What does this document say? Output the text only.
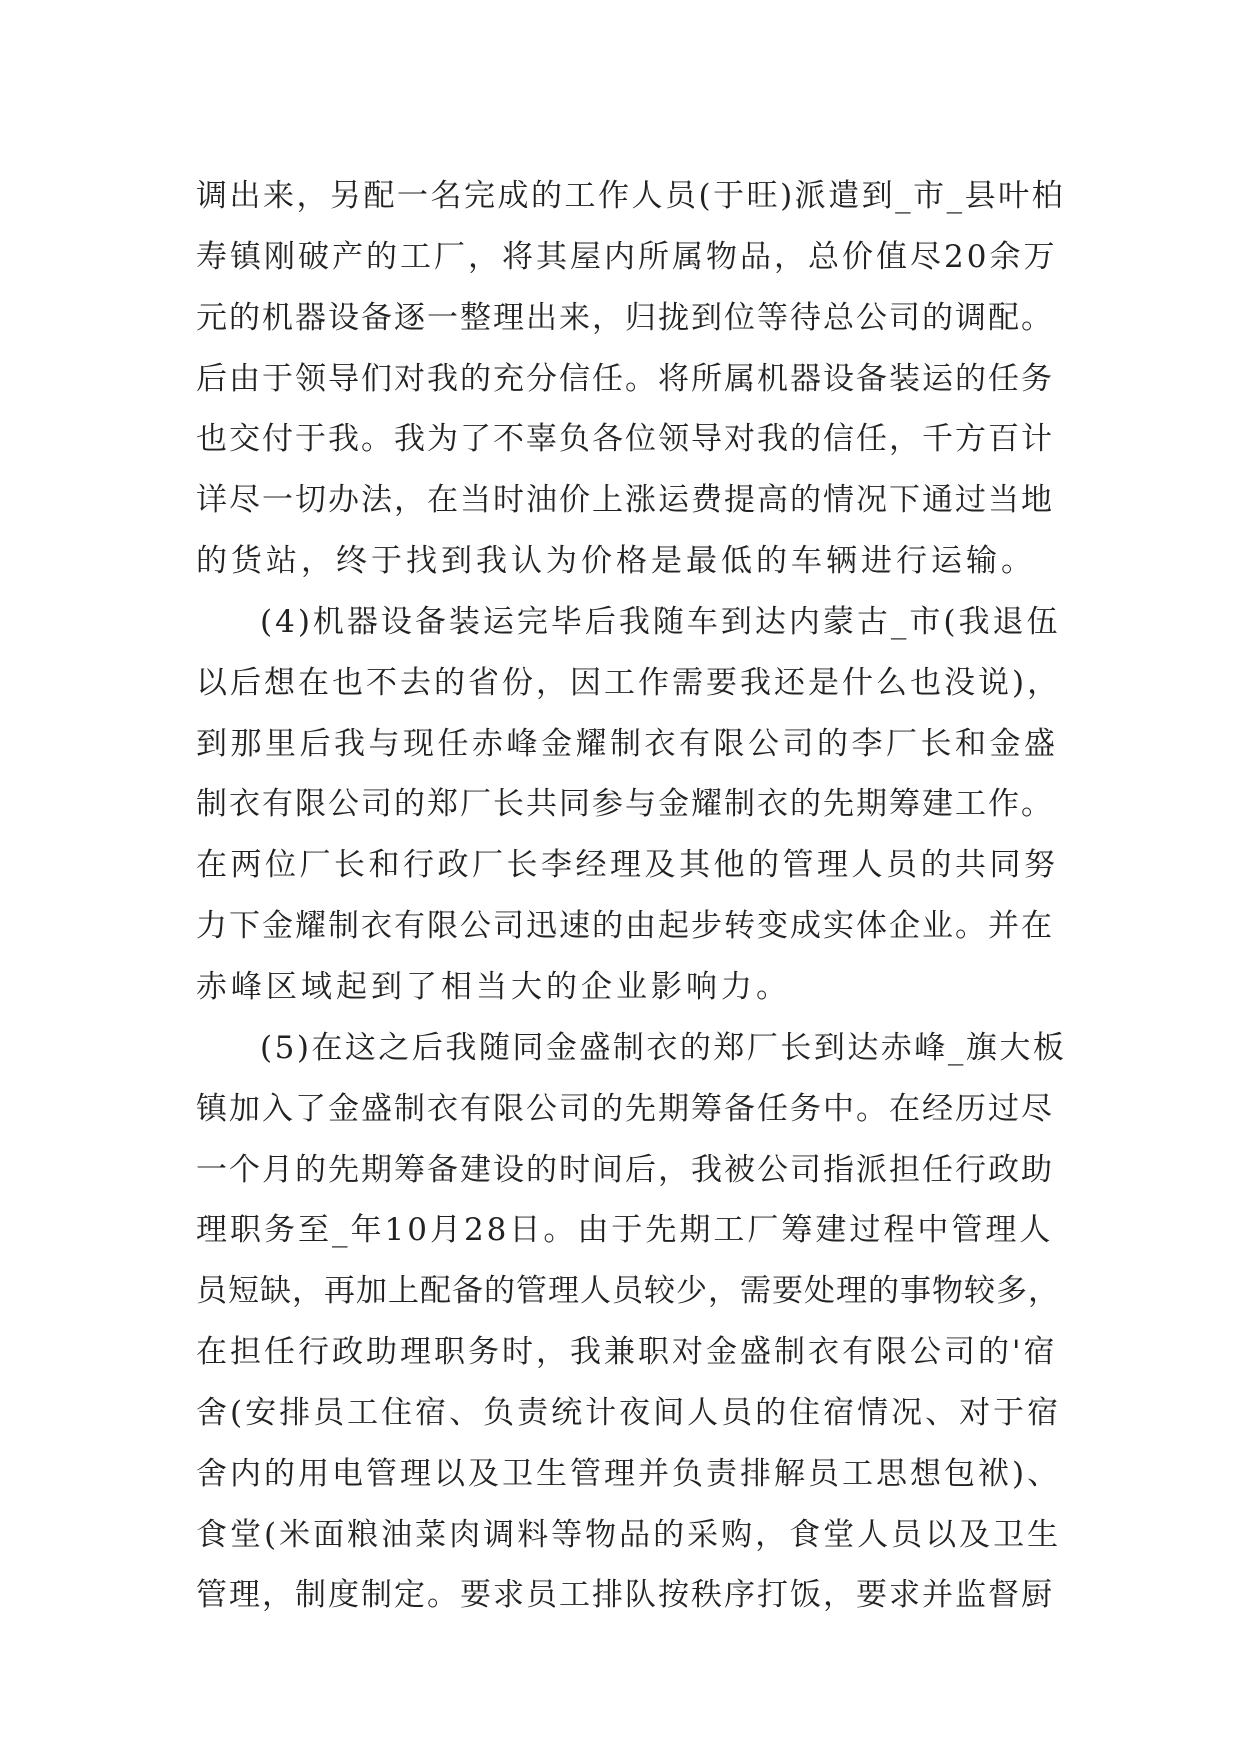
调出来，另配一名完成的工作人员(于旺)派遣到_市_县叶柏
寿镇刚破产的工厂，将其屋内所属物品，总价值尽20余万
元的机器设备逐一整理出来，归拢到位等待总公司的调配。
后由于领导们对我的充分信任。将所属机器设备装运的任务
也交付于我。我为了不辜负各位领导对我的信任，千方百计
详尽一切办法，在当时油价上涨运费提高的情况下通过当地
的货站，终于找到我认为价格是最低的车辆进行运输。
(4)机器设备装运完毕后我随车到达内蒙古_市(我退伍
以后想在也不去的省份，因工作需要我还是什么也没说)，
到那里后我与现任赤峰金耀制衣有限公司的李厂长和金盛
制衣有限公司的郑厂长共同参与金耀制衣的先期筹建工作。
在两位厂长和行政厂长李经理及其他的管理人员的共同努
力下金耀制衣有限公司迅速的由起步转变成实体企业。并在
赤峰区域起到了相当大的企业影响力。
(5)在这之后我随同金盛制衣的郑厂长到达赤峰_旗大板
镇加入了金盛制衣有限公司的先期筹备任务中。在经历过尽
一个月的先期筹备建设的时间后，我被公司指派担任行政助
理职务至_年10月28日。由于先期工厂筹建过程中管理人
员短缺，再加上配备的管理人员较少，需要处理的事物较多，
在担任行政助理职务时，我兼职对金盛制衣有限公司的'宿
舍(安排员工住宿、负责统计夜间人员的住宿情况、对于宿
舍内的用电管理以及卫生管理并负责排解员工思想包袱)、
食堂(米面粮油菜肉调料等物品的采购，食堂人员以及卫生
管理，制度制定。要求员工排队按秩序打饭，要求并监督厨
